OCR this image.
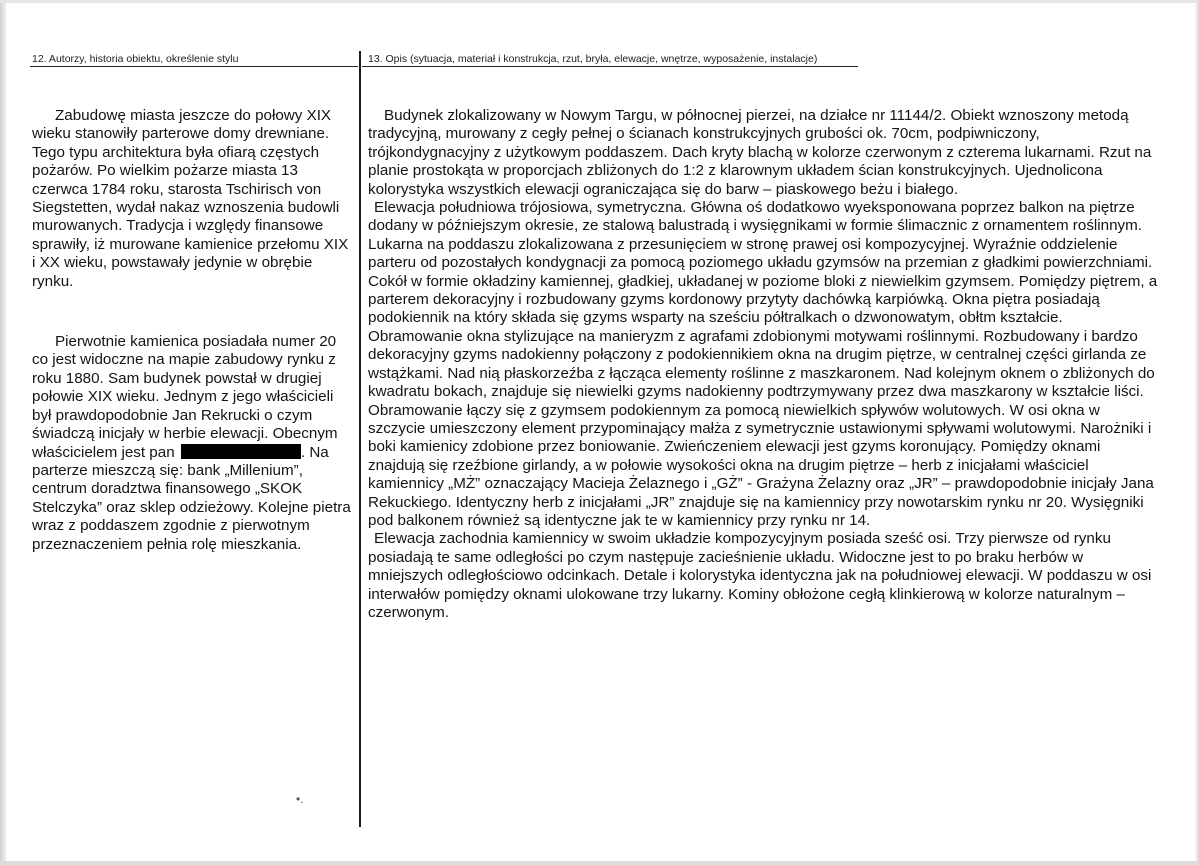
12. Autorzy, historia obiektu, określenie stylu	13. Opis (sytuacja, materiał i konstrukcja, rzut, bryła, elewacje, wnętrze, wyposażenie, instalacje)

Zabudowę miasta jeszcze do połowy XIX wieku stanowiły parterowe domy drewniane. Tego typu architektura była ofiarą częstych pożarów. Po wielkim pożarze miasta 13 czerwca 1784 roku, starosta Tschirisch von Siegstetten, wydał nakaz wznoszenia budowli murowanych. Tradycja i względy finansowe sprawiły, iż murowane kamienice przełomu XIX i XX wieku, powstawały jedynie w obrębie rynku.

Pierwotnie kamienica posiadała numer 20 co jest widoczne na mapie zabudowy rynku z roku 1880. Sam budynek powstał w drugiej połowie XIX wieku. Jednym z jego właścicieli był prawdopodobnie Jan Rekrucki o czym świadczą inicjały w herbie elewacji. Obecnym właścicielem jest pan	. Na parterze mieszczą się: bank „Millenium”, centrum doradztwa finansowego „SKOK Stelczyka” oraz sklep odzieżowy. Kolejne pietra wraz z poddaszem zgodnie z pierwotnym przeznaczeniem pełnia rolę mieszkania.

Budynek zlokalizowany w Nowym Targu, w północnej pierzei, na działce nr 11144/2. Obiekt wznoszony metodą tradycyjną, murowany z cegły pełnej o ścianach konstrukcyjnych grubości ok. 70cm, podpiwniczony, trójkondygnacyjny z użytkowym poddaszem. Dach kryty blachą w kolorze czerwonym z czterema lukarnami. Rzut na planie prostokąta w proporcjach zbliżonych do 1:2 z klarownym układem ścian konstrukcyjnych. Ujednolicona kolorystyka wszystkich elewacji ograniczająca się do barw – piaskowego beżu i białego.

Elewacja południowa trójosiowa, symetryczna. Główna oś dodatkowo wyeksponowana poprzez balkon na piętrze dodany w późniejszym okresie, ze stalową balustradą i wysięgnikami w formie ślimacznic z ornamentem roślinnym. Lukarna na poddaszu zlokalizowana z przesunięciem w stronę prawej osi kompozycyjnej. Wyraźnie oddzielenie parteru od pozostałych kondygnacji za pomocą poziomego układu gzymsów na przemian z gładkimi powierzchniami. Cokół w formie okładziny kamiennej, gładkiej, układanej w poziome bloki z niewielkim gzymsem. Pomiędzy piętrem, a parterem dekoracyjny i rozbudowany gzyms kordonowy przytyty dachówką karpiówką. Okna piętra posiadają podokiennik na który składa się gzyms wsparty na sześciu półtralkach o dzwonowatym, obłtm kształcie. Obramowanie okna stylizujące na manieryzm z agrafami zdobionymi motywami roślinnymi. Rozbudowany i bardzo dekoracyjny gzyms nadokienny połączony z podokiennikiem okna na drugim piętrze, w centralnej części girlanda ze wstążkami. Nad nią płaskorzeźba z łącząca elementy roślinne z maszkaronem. Nad kolejnym oknem o zbliżonych do kwadratu bokach, znajduje się niewielki gzyms nadokienny podtrzymywany przez dwa maszkarony w kształcie liści. Obramowanie łączy się z gzymsem podokiennym za pomocą niewielkich spływów wolutowych. W osi okna w szczycie umieszczony element przypominający małża z symetrycznie ustawionymi spływami wolutowymi. Narożniki i boki kamienicy zdobione przez boniowanie. Zwieńczeniem elewacji jest gzyms koronujący. Pomiędzy oknami znajdują się rzeźbione girlandy, a w połowie wysokości okna na drugim piętrze – herb z inicjałami właściciel kamiennicy „MŻ” oznaczający Macieja Żelaznego i „GŻ” - Grażyna Żelazny oraz „JR” – prawdopodobnie inicjały Jana Rekuckiego. Identyczny herb z inicjałami „JR” znajduje się na kamiennicy przy nowotarskim rynku nr 20. Wysięgniki pod balkonem również są identyczne jak te w kamiennicy przy rynku nr 14.

Elewacja zachodnia kamiennicy w swoim układzie kompozycyjnym posiada sześć osi. Trzy pierwsze od rynku posiadają te same odległości po czym następuje zacieśnienie układu. Widoczne jest to po braku herbów w mniejszych odległościowo odcinkach. Detale i kolorystyka identyczna jak na południowej elewacji. W poddaszu w osi interwałów pomiędzy oknami ulokowane trzy lukarny. Kominy obłożone cegłą klinkierową w kolorze naturalnym – czerwonym.

•.
